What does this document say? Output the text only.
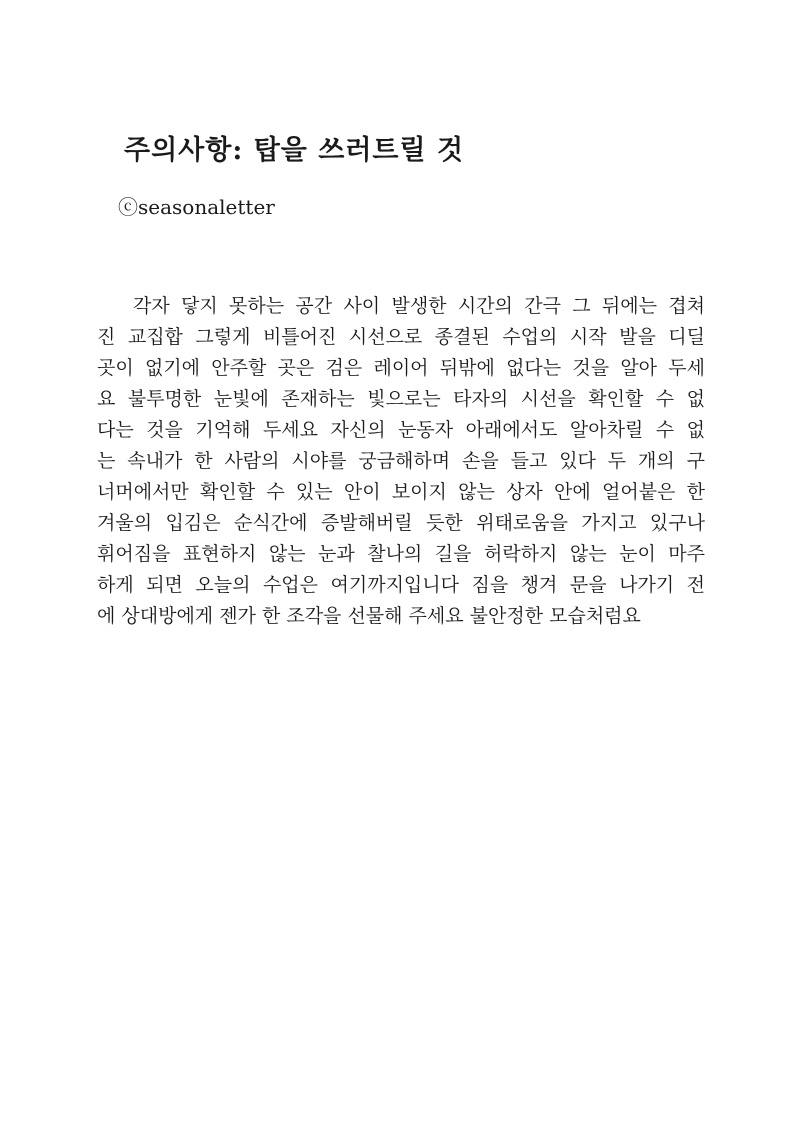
주의사항: 탑을 쓰러트릴 것
ⓒseasonaletter
각자 닿지 못하는 공간 사이 발생한 시간의 간극 그 뒤에는 겹쳐
진 교집합 그렇게 비틀어진 시선으로 종결된 수업의 시작 발을 디딜
곳이 없기에 안주할 곳은 검은 레이어 뒤밖에 없다는 것을 알아 두세
요 불투명한 눈빛에 존재하는 빛으로는 타자의 시선을 확인할 수 없
다는 것을 기억해 두세요 자신의 눈동자 아래에서도 알아차릴 수 없
는 속내가 한 사람의 시야를 궁금해하며 손을 들고 있다 두 개의 구
너머에서만 확인할 수 있는 안이 보이지 않는 상자 안에 얼어붙은 한
겨울의 입김은 순식간에 증발해버릴 듯한 위태로움을 가지고 있구나
휘어짐을 표현하지 않는 눈과 찰나의 길을 허락하지 않는 눈이 마주
하게 되면 오늘의 수업은 여기까지입니다 짐을 챙겨 문을 나가기 전
에 상대방에게 젠가 한 조각을 선물해 주세요 불안정한 모습처럼요
